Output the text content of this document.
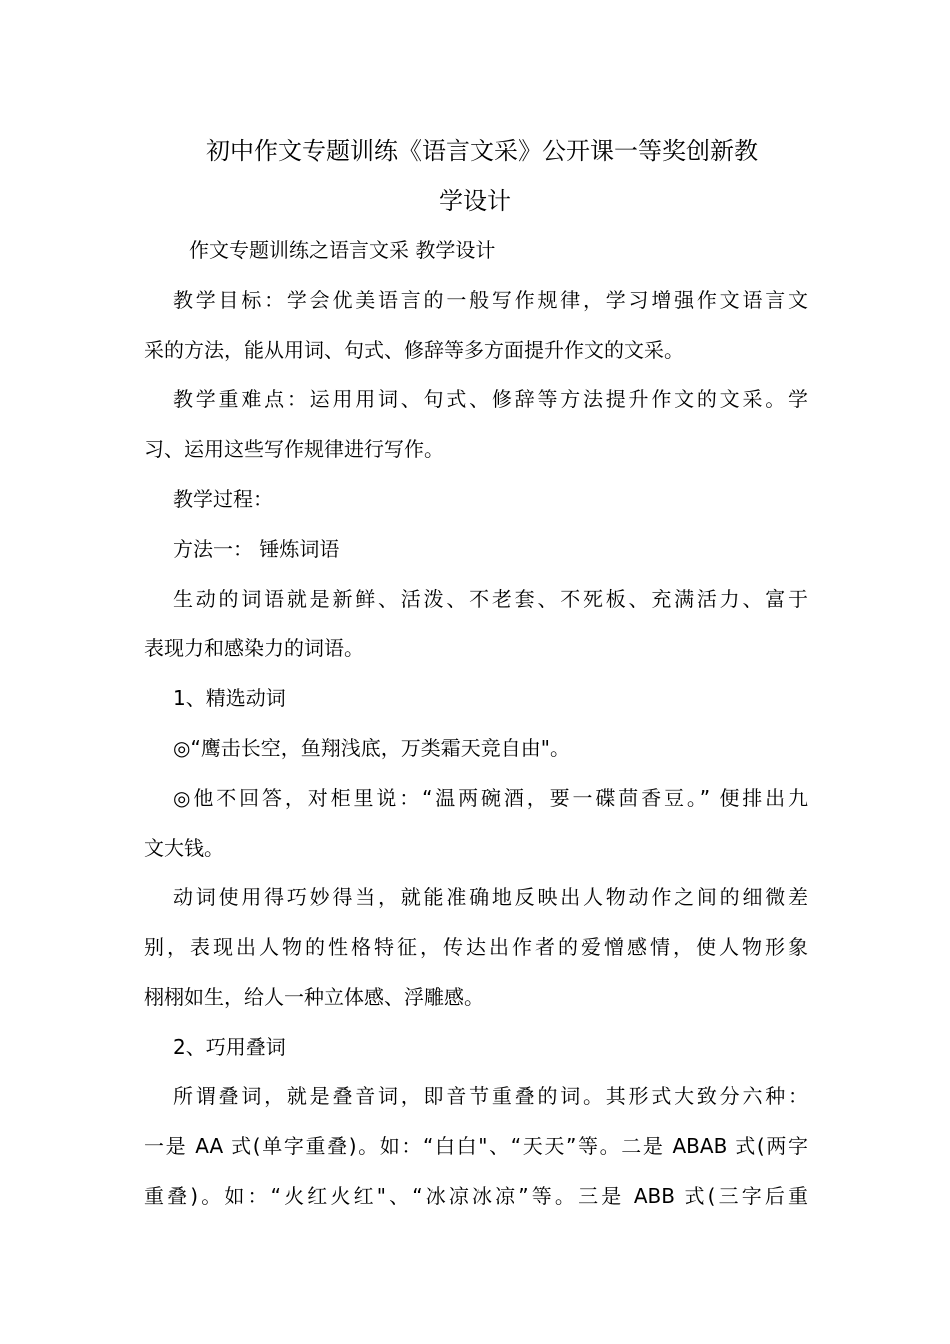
初中作文专题训练《语言文采》公开课一等奖创新教
学设计
作文专题训练之语言文采 教学设计
教学目标：学会优美语言的一般写作规律，学习增强作文语言文
采的方法，能从用词、句式、修辞等多方面提升作文的文采。
教学重难点：运用用词、句式、修辞等方法提升作文的文采。学
习、运用这些写作规律进行写作。
教学过程：
方法一： 锤炼词语
生动的词语就是新鲜、活泼、不老套、不死板、充满活力、富于
表现力和感染力的词语。
1、精选动词
◎“鹰击长空，鱼翔浅底，万类霜天竞自由"。
◎他不回答，对柜里说：“温两碗酒，要一碟茴香豆。” 便排出九
文大钱。
动词使用得巧妙得当，就能准确地反映出人物动作之间的细微差
别，表现出人物的性格特征，传达出作者的爱憎感情，使人物形象
栩栩如生，给人一种立体感、浮雕感。
2、巧用叠词
所谓叠词，就是叠音词，即音节重叠的词。其形式大致分六种：
一是 AA 式(单字重叠)。如：“白白"、“天天”等。二是 ABAB 式(两字
重叠)。如：“火红火红"、“冰凉冰凉”等。三是 ABB 式(三字后重
